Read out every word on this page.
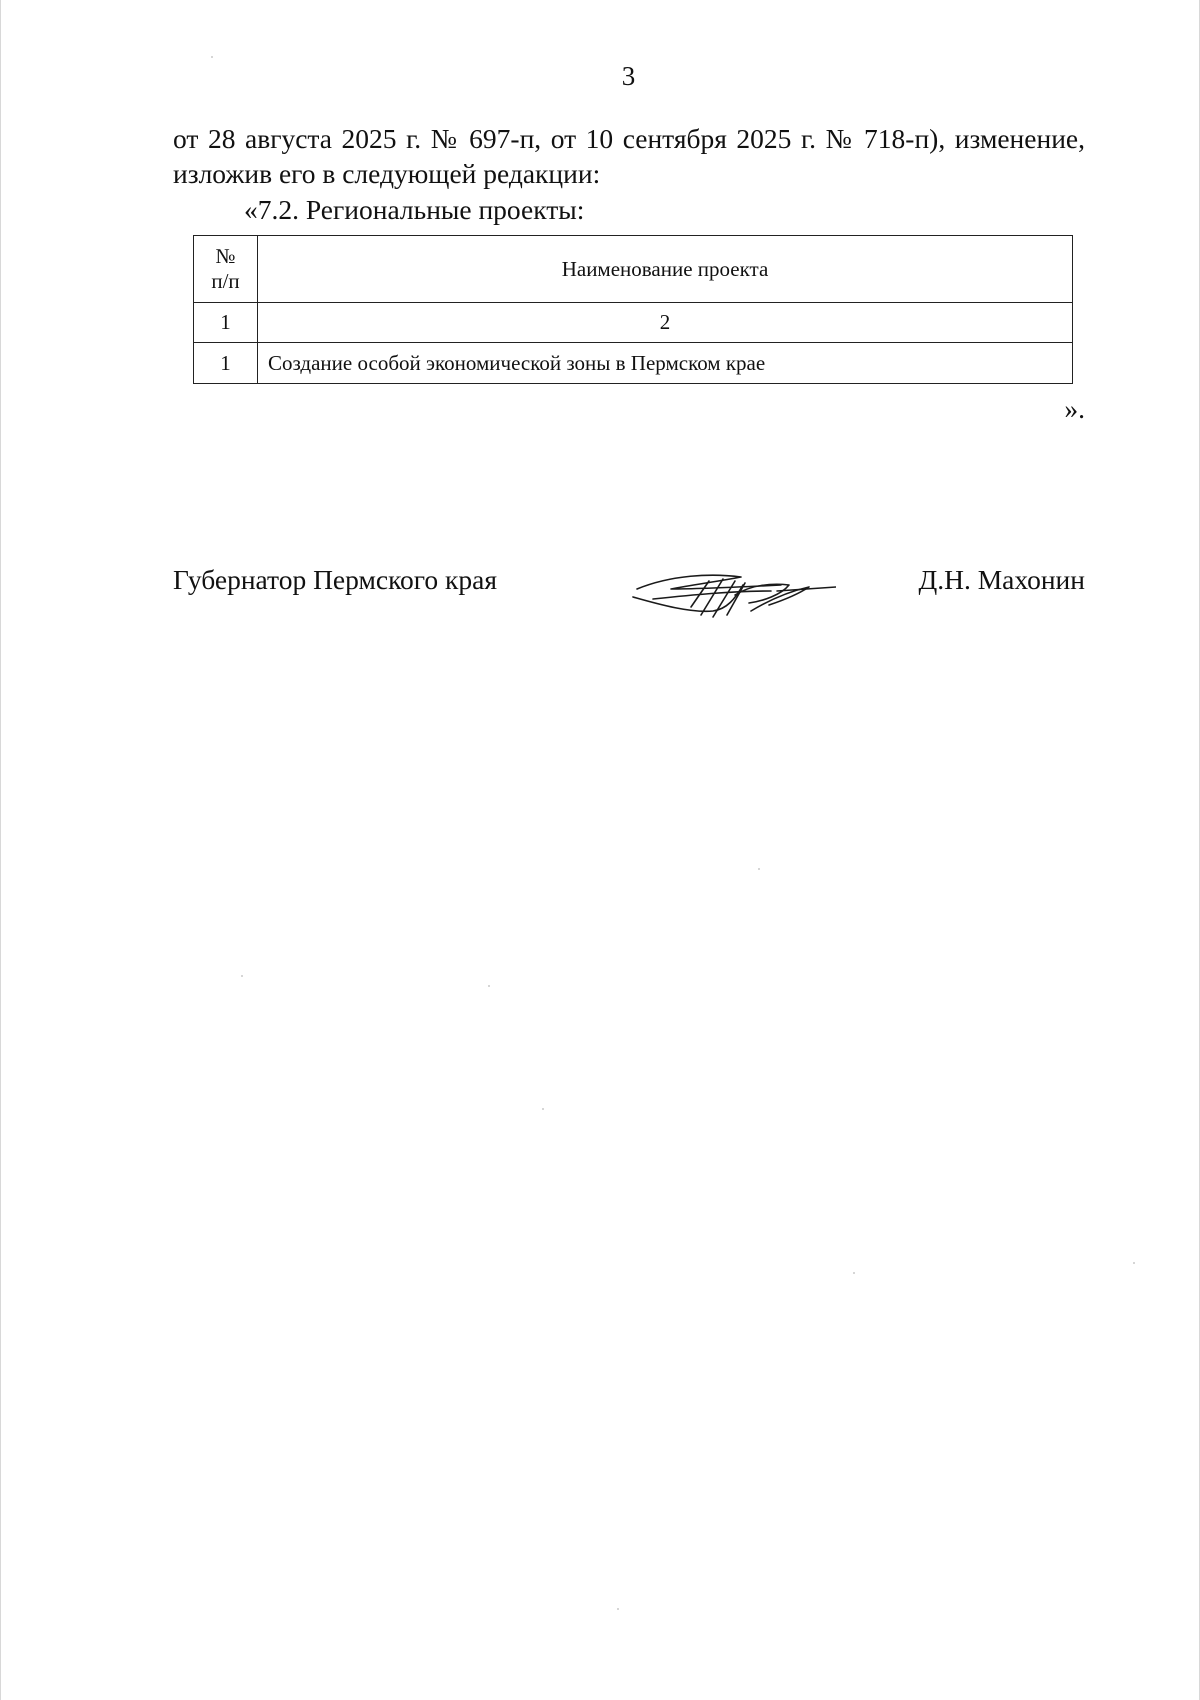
3

от 28 августа 2025 г. № 697-п, от 10 сентября 2025 г. № 718-п), изменение,

изложив его в следующей редакции:

«7.2. Региональные проекты:

№
п/п	Наименование проекта
1	2
1	Создание особой экономической зоны в Пермском крае
».
Губернатор Пермского края	Д.Н. Махонин
